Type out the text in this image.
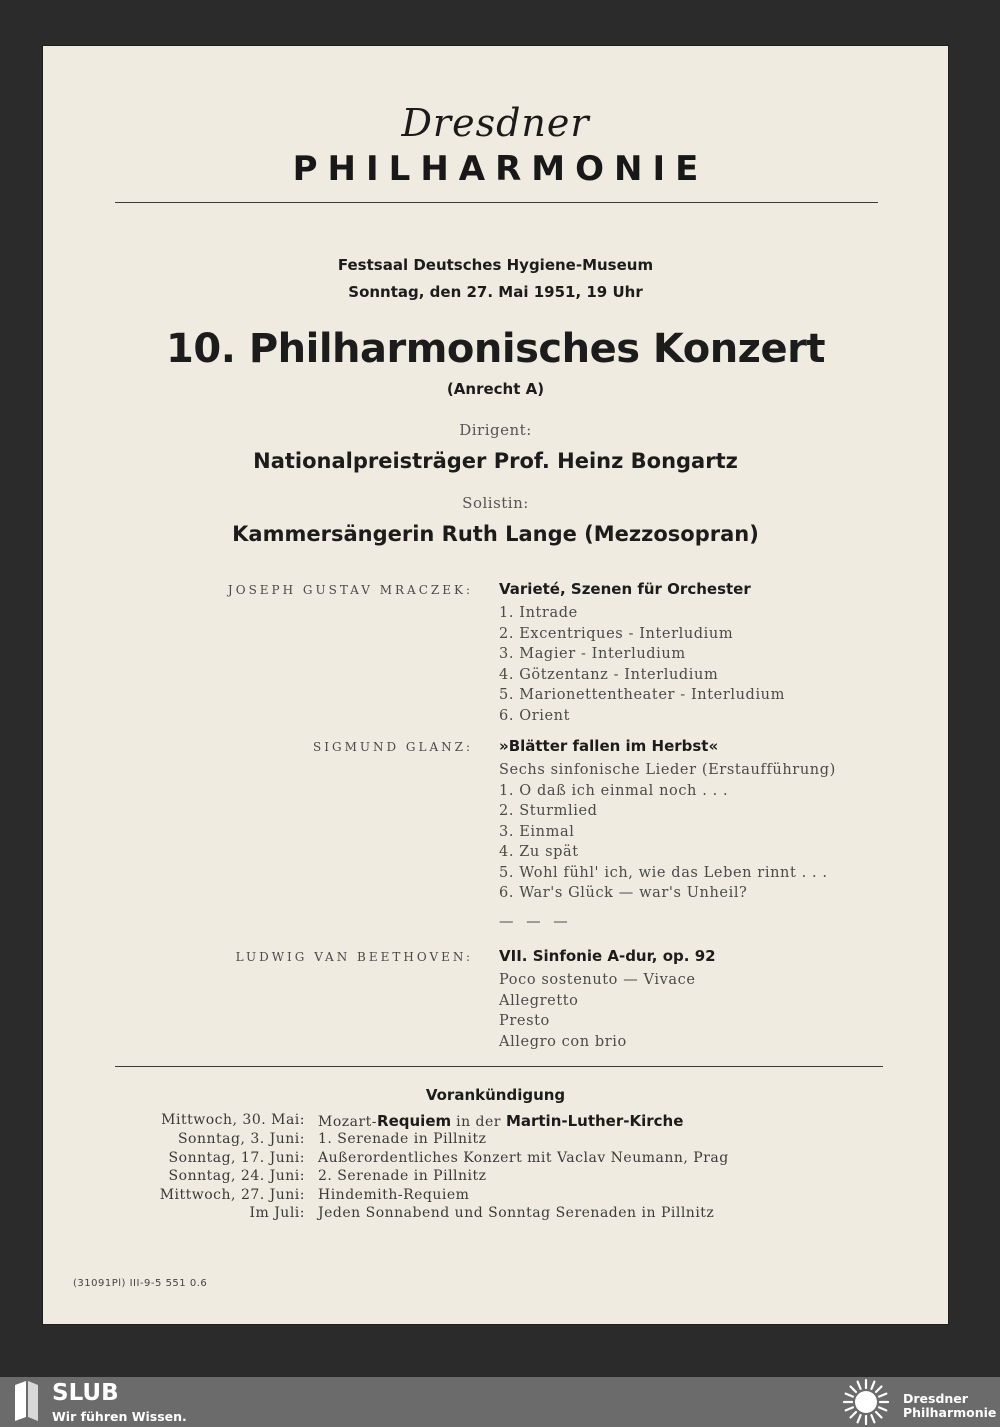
Dresdner
PHILHARMONIE
Festsaal Deutsches Hygiene-Museum
Sonntag, den 27. Mai 1951, 19 Uhr
10. Philharmonisches Konzert
(Anrecht A)
Dirigent:
Nationalpreisträger Prof. Heinz Bongartz
Solistin:
Kammersängerin Ruth Lange (Mezzosopran)
JOSEPH GUSTAV MRACZEK: Varieté, Szenen für Orchester
1. Intrade
2. Excentriques - Interludium
3. Magier - Interludium
4. Götzentanz - Interludium
5. Marionettentheater - Interludium
6. Orient
SIGMUND GLANZ: »Blätter fallen im Herbst«
Sechs sinfonische Lieder (Erstaufführung)
1. O daß ich einmal noch . . .
2. Sturmlied
3. Einmal
4. Zu spät
5. Wohl fühl' ich, wie das Leben rinnt . . .
6. War's Glück — war's Unheil?
— — —
LUDWIG VAN BEETHOVEN: VII. Sinfonie A-dur, op. 92
Poco sostenuto — Vivace
Allegretto
Presto
Allegro con brio
Vorankündigung
Mittwoch, 30. Mai: Mozart-Requiem in der Martin-Luther-Kirche
Sonntag, 3. Juni: 1. Serenade in Pillnitz
Sonntag, 17. Juni: Außerordentliches Konzert mit Vaclav Neumann, Prag
Sonntag, 24. Juni: 2. Serenade in Pillnitz
Mittwoch, 27. Juni: Hindemith-Requiem
Im Juli: Jeden Sonnabend und Sonntag Serenaden in Pillnitz
(31091Pl) III-9-5 551 0.6
SLUB
Wir führen Wissen.
Dresdner
Philharmonie
